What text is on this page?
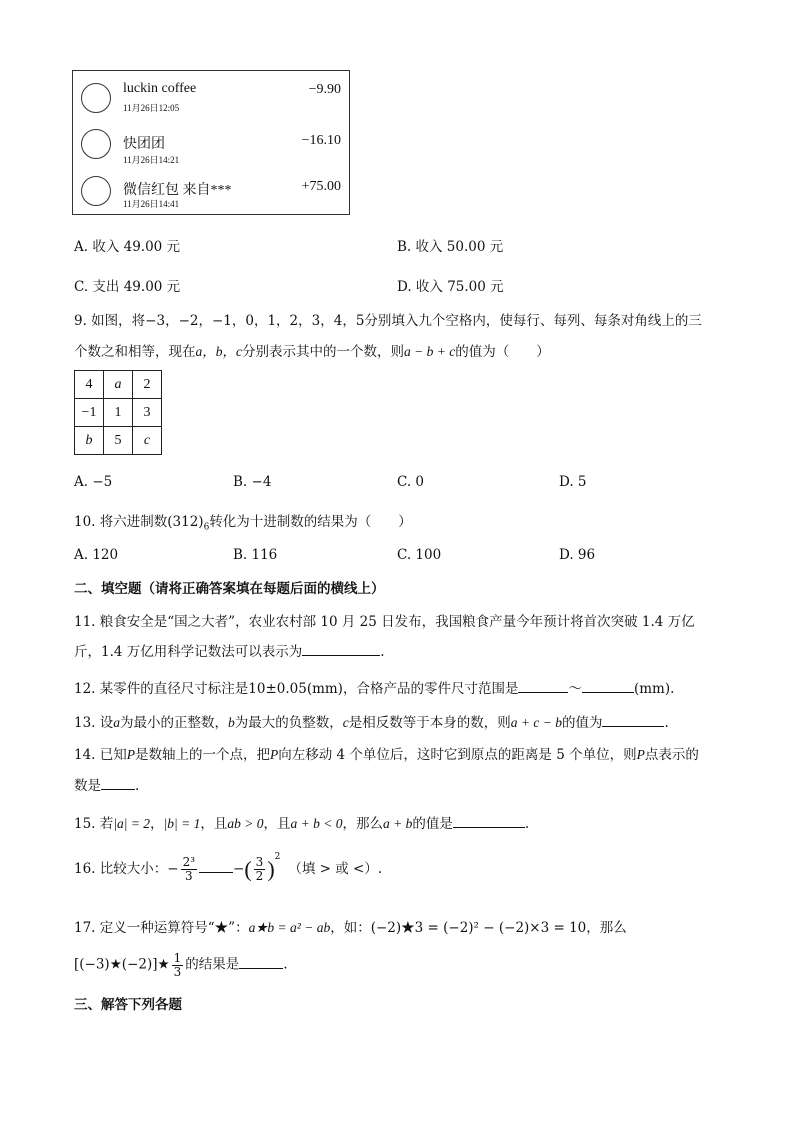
luckin coffee
11月26日12:05
−9.90
快团团
11月26日14:21
−16.10
微信红包 来自***
11月26日14:41
+75.00
A. 收入 49.00 元	B. 收入 50.00 元
C. 支出 49.00 元	D. 收入 75.00 元
9. 如图，将−3，−2，−1，0，1，2，3，4，5分别填入九个空格内，使每行、每列、每条对角线上的三
个数之和相等，现在a，b，c分别表示其中的一个数，则a − b + c的值为（　　）
4	a	2
−1	1	3
b	5	c
A. −5	B. −4	C. 0	D. 5
10. 将六进制数$(312)_6$转化为十进制数的结果为（　　）
A. 120	B. 116	C. 100	D. 96
二、填空题（请将正确答案填在每题后面的横线上）
11. 粮食安全是“国之大者”，农业农村部 10 月 25 日发布，我国粮食产量今年预计将首次突破 1.4 万亿
斤，1.4 万亿用科学记数法可以表示为	.
12. 某零件的直径尺寸标注是10±0.05(mm)，合格产品的零件尺寸范围是	～	(mm).
13. 设a为最小的正整数，b为最大的负整数，c是相反数等于本身的数，则a + c − b的值为	.
14. 已知P是数轴上的一个点，把P向左移动 4 个单位后，这时它到原点的距离是 5 个单位，则P点表示的
数是	.
15. 若|a| = 2，|b| = 1，且ab > 0，且a + b < 0，那么a + b的值是	.
16. 比较大小：− $\frac{\text{2³}}{3}$	−( $\frac{3}{2} )^2$（填 > 或 <）.
17. 定义一种运算符号“★”：a★b = a² − ab，如：(−2)★3 = (−2)² − (−2)×3 = 10，那么
[(−3)★(−2)]★ $\frac{1}{3}$ 的结果是	.
三、解答下列各题
